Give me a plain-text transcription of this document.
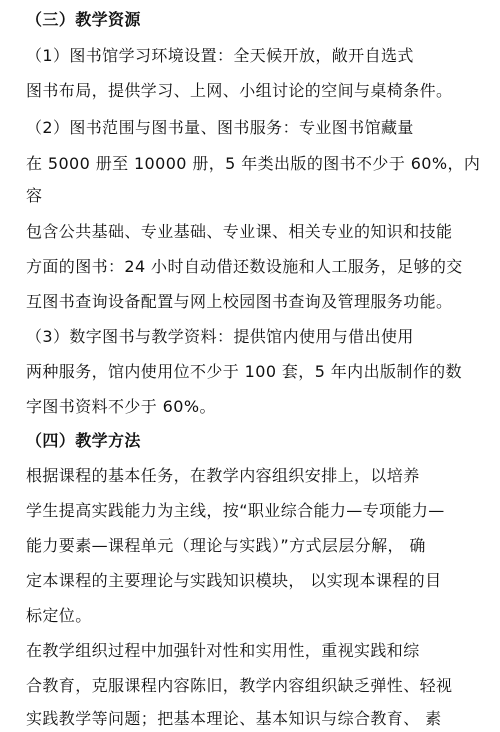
（三）教学资源
（1）图书馆学习环境设置：全天候开放，敞开自选式
图书布局，提供学习、上网、小组讨论的空间与桌椅条件。
（2）图书范围与图书量、图书服务：专业图书馆藏量
在 5000 册至 10000 册，5 年类出版的图书不少于 60%，内
容
包含公共基础、专业基础、专业课、相关专业的知识和技能
方面的图书：24 小时自动借还数设施和人工服务，足够的交
互图书查询设备配置与网上校园图书查询及管理服务功能。
（3）数字图书与教学资料：提供馆内使用与借出使用
两种服务，馆内使用位不少于 100 套，5 年内出版制作的数
字图书资料不少于 60%。
（四）教学方法
根据课程的基本任务，在教学内容组织安排上，以培养
学生提高实践能力为主线，按“职业综合能力—专项能力—
能力要素—课程单元（理论与实践）”方式层层分解， 确
定本课程的主要理论与实践知识模块， 以实现本课程的目
标定位。
在教学组织过程中加强针对性和实用性，重视实践和综
合教育，克服课程内容陈旧，教学内容组织缺乏弹性、轻视
实践教学等问题；把基本理论、基本知识与综合教育、 素
